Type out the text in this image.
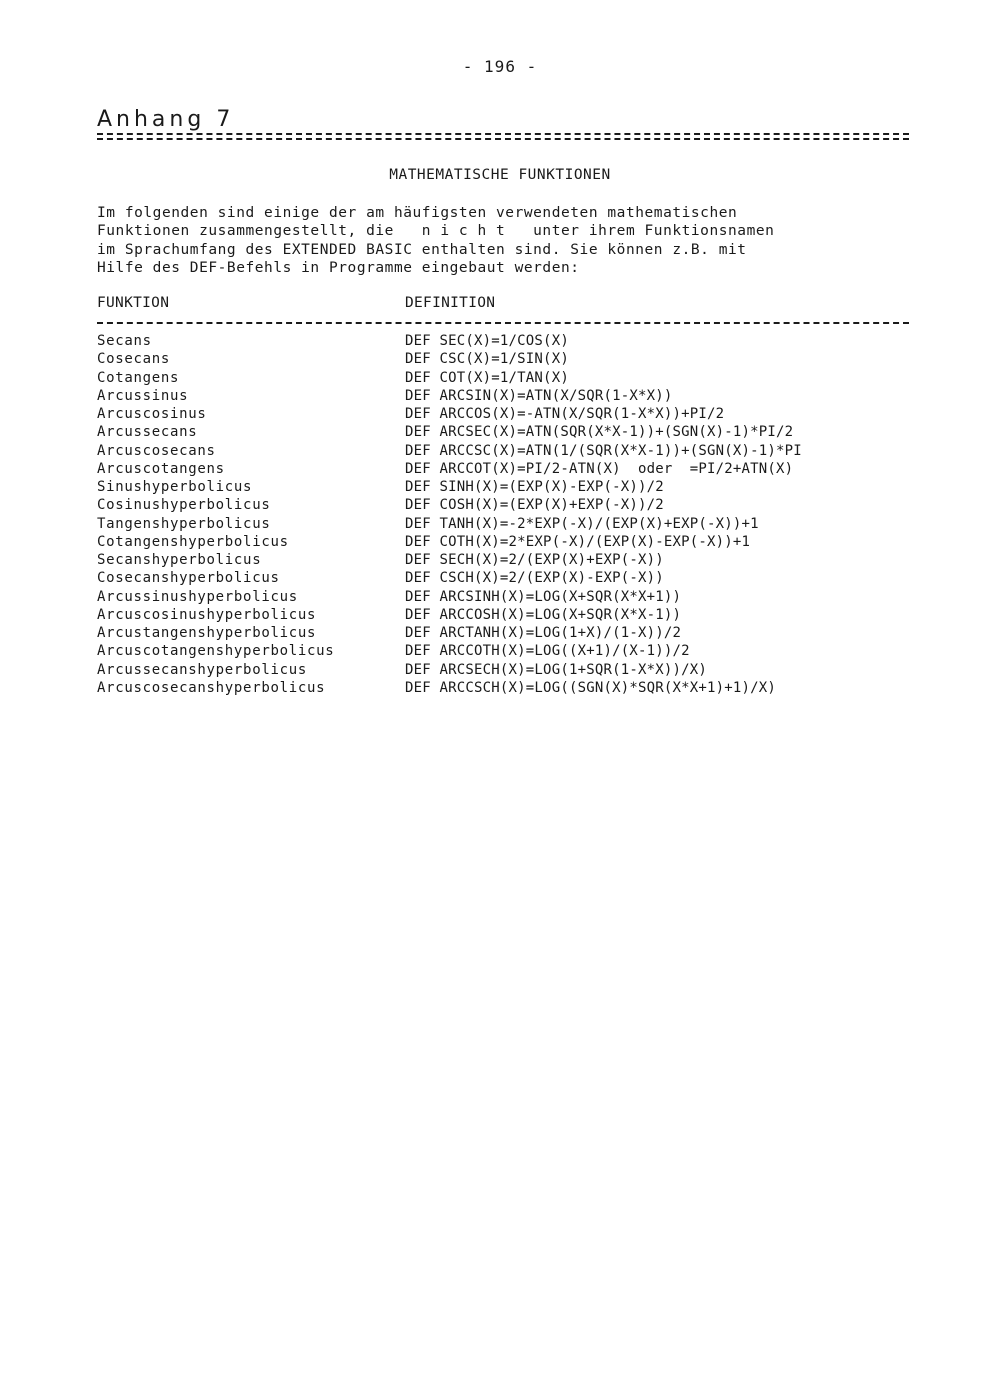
- 196 -
Anhang 7
MATHEMATISCHE FUNKTIONEN
Im folgenden sind einige der am häufigsten verwendeten mathematischen
Funktionen zusammengestellt, die   n i c h t   unter ihrem Funktionsnamen
im Sprachumfang des EXTENDED BASIC enthalten sind. Sie können z.B. mit
Hilfe des DEF-Befehls in Programme eingebaut werden:
FUNKTION	DEFINITION
Secans	DEF SEC(X)=1/COS(X)
Cosecans	DEF CSC(X)=1/SIN(X)
Cotangens	DEF COT(X)=1/TAN(X)
Arcussinus	DEF ARCSIN(X)=ATN(X/SQR(1-X*X))
Arcuscosinus	DEF ARCCOS(X)=-ATN(X/SQR(1-X*X))+PI/2
Arcussecans	DEF ARCSEC(X)=ATN(SQR(X*X-1))+(SGN(X)-1)*PI/2
Arcuscosecans	DEF ARCCSC(X)=ATN(1/(SQR(X*X-1))+(SGN(X)-1)*PI
Arcuscotangens	DEF ARCCOT(X)=PI/2-ATN(X)  oder  =PI/2+ATN(X)
Sinushyperbolicus	DEF SINH(X)=(EXP(X)-EXP(-X))/2
Cosinushyperbolicus	DEF COSH(X)=(EXP(X)+EXP(-X))/2
Tangenshyperbolicus	DEF TANH(X)=-2*EXP(-X)/(EXP(X)+EXP(-X))+1
Cotangenshyperbolicus	DEF COTH(X)=2*EXP(-X)/(EXP(X)-EXP(-X))+1
Secanshyperbolicus	DEF SECH(X)=2/(EXP(X)+EXP(-X))
Cosecanshyperbolicus	DEF CSCH(X)=2/(EXP(X)-EXP(-X))
Arcussinushyperbolicus	DEF ARCSINH(X)=LOG(X+SQR(X*X+1))
Arcuscosinushyperbolicus	DEF ARCCOSH(X)=LOG(X+SQR(X*X-1))
Arcustangenshyperbolicus	DEF ARCTANH(X)=LOG(1+X)/(1-X))/2
Arcuscotangenshyperbolicus	DEF ARCCOTH(X)=LOG((X+1)/(X-1))/2
Arcussecanshyperbolicus	DEF ARCSECH(X)=LOG(1+SQR(1-X*X))/X)
Arcuscosecanshyperbolicus	DEF ARCCSCH(X)=LOG((SGN(X)*SQR(X*X+1)+1)/X)
